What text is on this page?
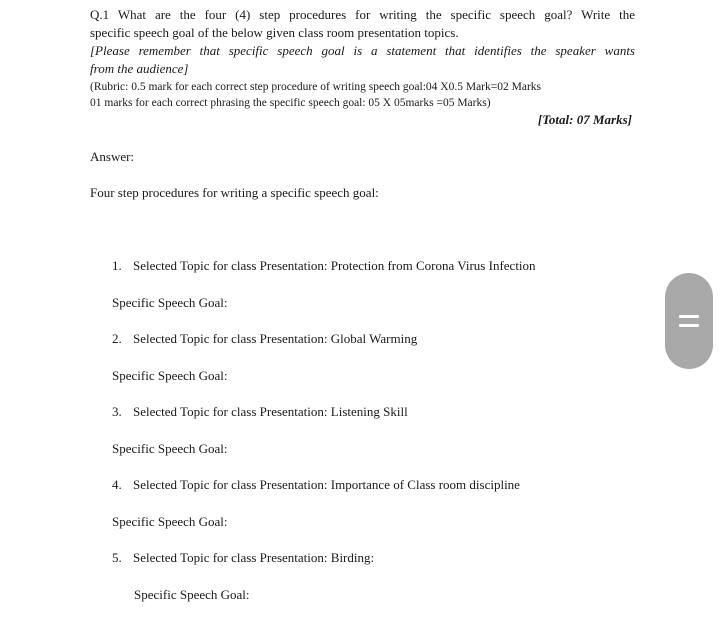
Q.1 What are the four (4) step procedures for writing the specific speech goal? Write the
specific speech goal of the below given class room presentation topics.
[Please remember that specific speech goal is a statement that identifies the speaker wants
from the audience]
(Rubric: 0.5 mark for each correct step procedure of writing speech goal:04 X0.5 Mark=02 Marks
01 marks for each correct phrasing the specific speech goal: 05 X 05marks =05 Marks)
[Total: 07 Marks]
Answer:
Four step procedures for writing a specific speech goal:
1. Selected Topic for class Presentation: Protection from Corona Virus Infection
Specific Speech Goal:
2. Selected Topic for class Presentation: Global Warming
Specific Speech Goal:
3. Selected Topic for class Presentation: Listening Skill
Specific Speech Goal:
4. Selected Topic for class Presentation: Importance of Class room discipline
Specific Speech Goal:
5. Selected Topic for class Presentation: Birding:
Specific Speech Goal:
